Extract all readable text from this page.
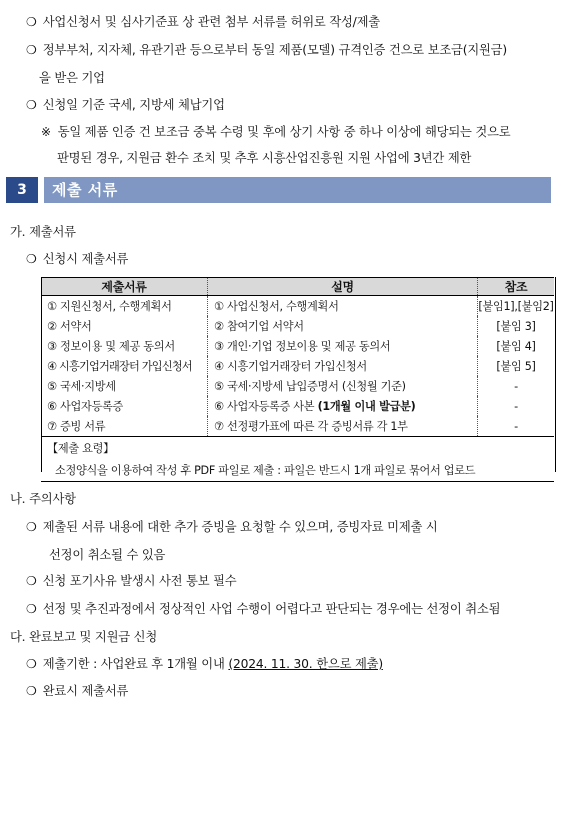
❍ 사업신청서 및 심사기준표 상 관련 첨부 서류를 허위로 작성/제출
❍ 정부부처, 지자체, 유관기관 등으로부터 동일 제품(모델) 규격인증 건으로 보조금(지원금)
을 받은 기업
❍ 신청일 기준 국세, 지방세 체납기업
※ 동일 제품 인증 건 보조금 중복 수령 및 후에 상기 사항 중 하나 이상에 해당되는 것으로
판명된 경우, 지원금 환수 조치 및 추후 시흥산업진흥원 지원 사업에 3년간 제한
3	제출 서류
가. 제출서류
❍ 신청시 제출서류
제출서류	설명	참조
① 지원신청서, 수행계획서	① 사업신청서, 수행계획서	[붙임1],[붙임2]
② 서약서	② 참여기업 서약서	[붙임 3]
③ 정보이용 및 제공 동의서	③ 개인·기업 정보이용 및 제공 동의서	[붙임 4]
④ 시흥기업거래장터 가입신청서	④ 시흥기업거래장터 가입신청서	[붙임 5]
⑤ 국세·지방세	⑤ 국세·지방세 납입증명서 (신청월 기준)	-
⑥ 사업자등록증	⑥ 사업자등록증 사본 (1개월 이내 발급분)	-
⑦ 증빙 서류	⑦ 선정평가표에 따른 각 증빙서류 각 1부	-
【제출 요령】		
소정양식을 이용하여 작성 후 PDF 파일로 제출 : 파일은 반드시 1개 파일로 묶어서 업로드		
나. 주의사항
❍ 제출된 서류 내용에 대한 추가 증빙을 요청할 수 있으며, 증빙자료 미제출 시
선정이 취소될 수 있음
❍ 신청 포기사유 발생시 사전 통보 필수
❍ 선정 및 추진과정에서 정상적인 사업 수행이 어렵다고 판단되는 경우에는 선정이 취소됨
다. 완료보고 및 지원금 신청
❍ 제출기한 : 사업완료 후 1개월 이내 (2024. 11. 30. 한으로 제출)
❍ 완료시 제출서류
